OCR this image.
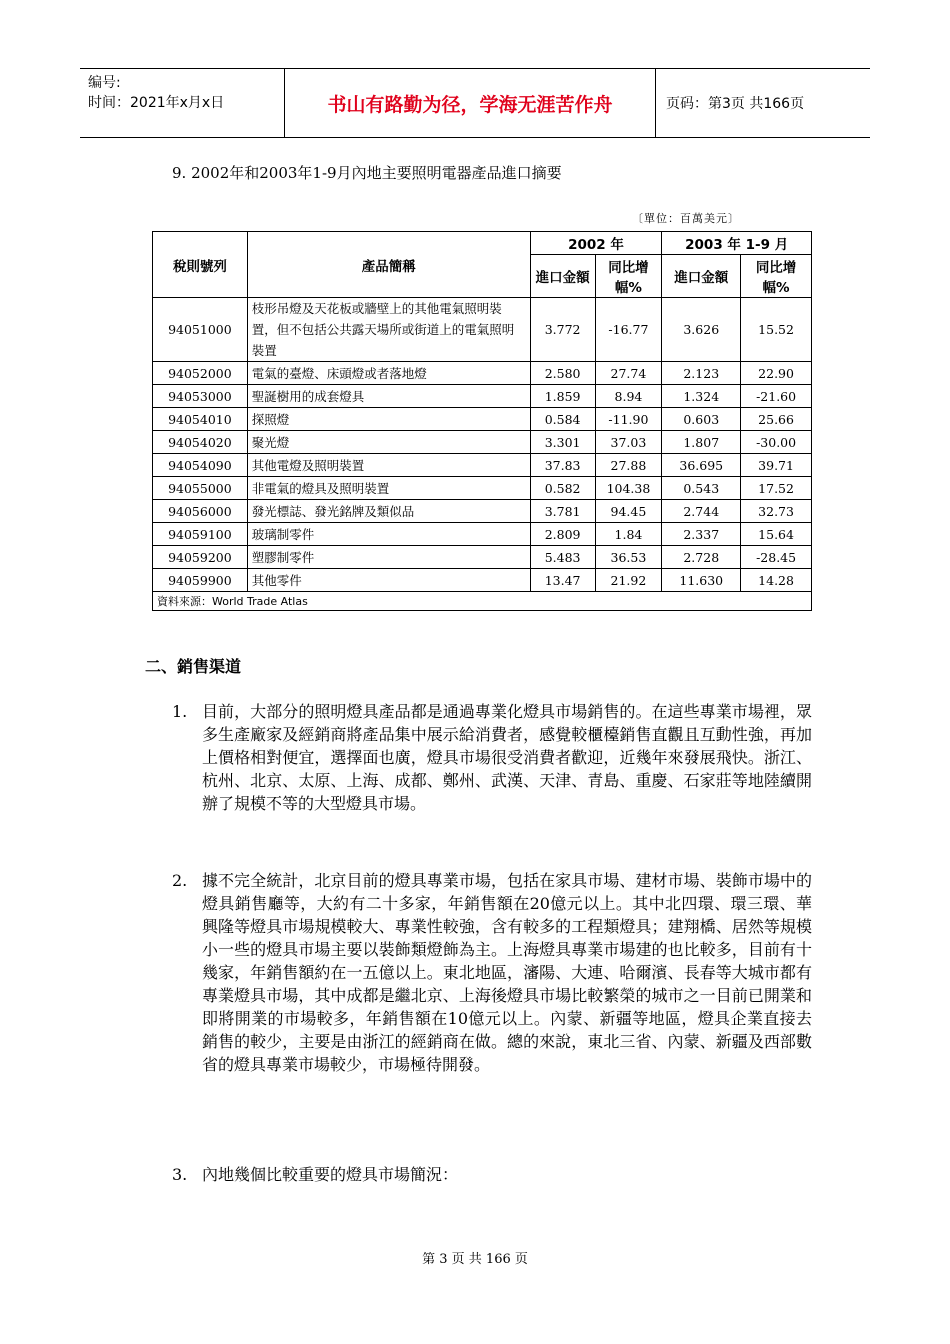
编号:
时间：2021年x月x日	书山有路勤为径，学海无涯苦作舟	页码：第3页 共166页
9. 2002年和2003年1-9月內地主要照明電器產品進口摘要
〔單位：百萬美元〕
稅則號列	產品簡稱	2002 年		2003 年 1-9 月	
		進口金額	同比增幅%	進口金額	同比增幅%
94051000	枝形吊燈及天花板或牆壁上的其他電氣照明裝置，但不包括公共露天場所或街道上的電氣照明裝置	3.772	-16.77	3.626	15.52
94052000	電氣的臺燈、床頭燈或者落地燈	2.580	27.74	2.123	22.90
94053000	聖誕樹用的成套燈具	1.859	8.94	1.324	-21.60
94054010	探照燈	0.584	-11.90	0.603	25.66
94054020	聚光燈	3.301	37.03	1.807	-30.00
94054090	其他電燈及照明裝置	37.83	27.88	36.695	39.71
94055000	非電氣的燈具及照明裝置	0.582	104.38	0.543	17.52
94056000	發光標誌、發光銘牌及類似品	3.781	94.45	2.744	32.73
94059100	玻璃制零件	2.809	1.84	2.337	15.64
94059200	塑膠制零件	5.483	36.53	2.728	-28.45
94059900	其他零件	13.47	21.92	11.630	14.28
資料來源：World Trade Atlas					
二、銷售渠道
1. 目前，大部分的照明燈具產品都是通過專業化燈具市場銷售的。在這些專業市場裡，眾多生產廠家及經銷商將產品集中展示給消費者，感覺較櫃檯銷售直觀且互動性強，再加上價格相對便宜，選擇面也廣，燈具市場很受消費者歡迎，近幾年來發展飛快。浙江、杭州、北京、太原、上海、成都、鄭州、武漢、天津、青島、重慶、石家莊等地陸續開辦了規模不等的大型燈具市場。
2. 據不完全統計，北京目前的燈具專業市場，包括在家具市場、建材市場、裝飾市場中的燈具銷售廳等，大約有二十多家，年銷售額在20億元以上。其中北四環、環三環、華興隆等燈具市場規模較大、專業性較強，含有較多的工程類燈具；建翔橋、居然等規模小一些的燈具市場主要以裝飾類燈飾為主。上海燈具專業市場建的也比較多，目前有十幾家，年銷售額約在一五億以上。東北地區，瀋陽、大連、哈爾濱、長春等大城市都有專業燈具市場，其中成都是繼北京、上海後燈具市場比較繁榮的城市之一目前已開業和即將開業的市場較多，年銷售額在10億元以上。內蒙、新疆等地區，燈具企業直接去銷售的較少，主要是由浙江的經銷商在做。總的來說，東北三省、內蒙、新疆及西部數省的燈具專業市場較少，市場極待開發。
3. 內地幾個比較重要的燈具市場簡況：
第 3 页 共 166 页
